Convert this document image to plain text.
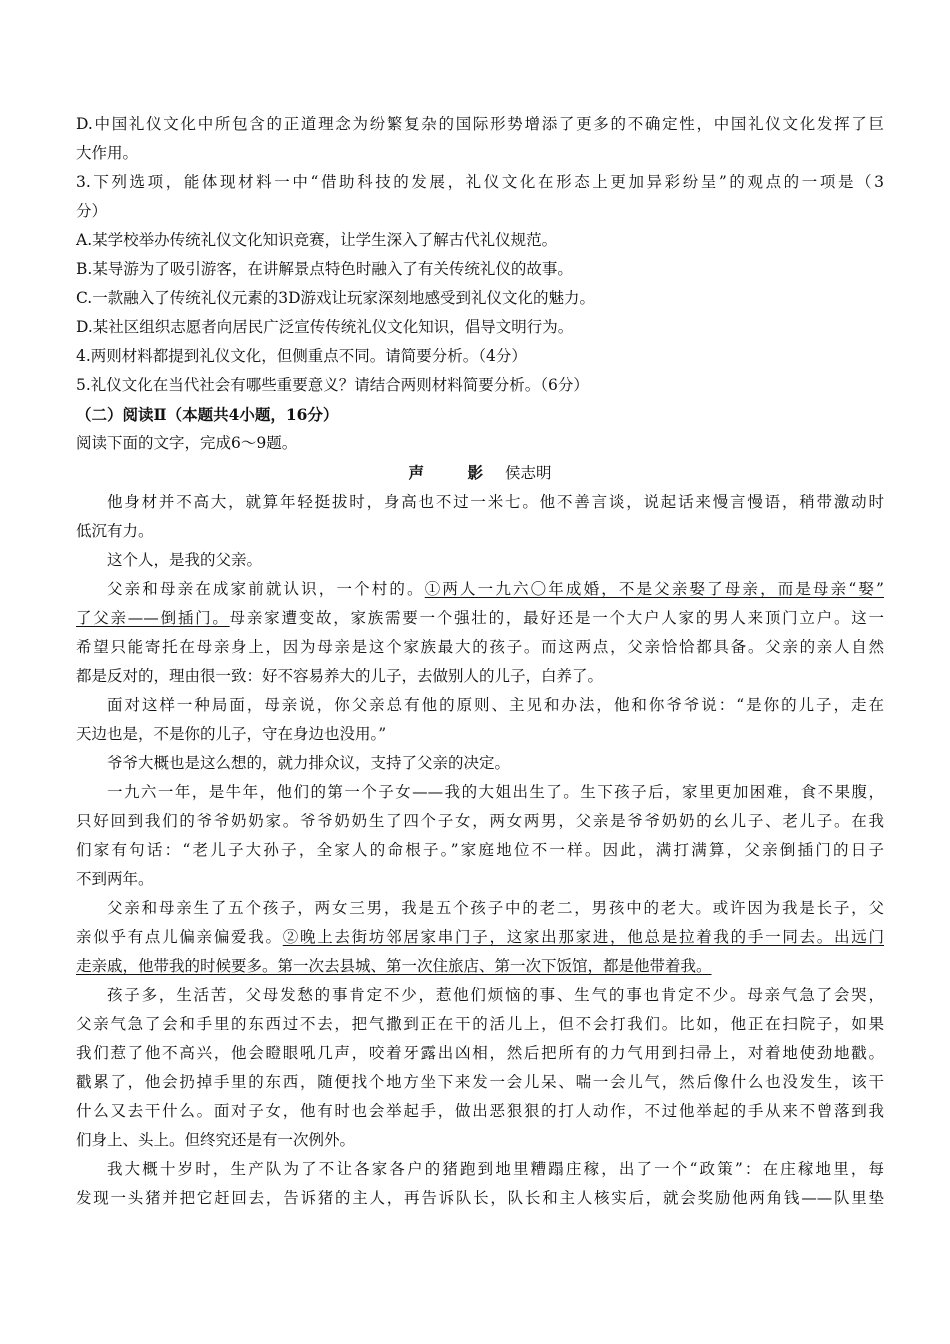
D.中国礼仪文化中所包含的正道理念为纷繁复杂的国际形势增添了更多的不确定性，中国礼仪文化发挥了巨
大作用。
3.下列选项，能体现材料一中“借助科技的发展，礼仪文化在形态上更加异彩纷呈”的观点的一项是（3
分）
A.某学校举办传统礼仪文化知识竞赛，让学生深入了解古代礼仪规范。
B.某导游为了吸引游客，在讲解景点特色时融入了有关传统礼仪的故事。
C.一款融入了传统礼仪元素的3D游戏让玩家深刻地感受到礼仪文化的魅力。
D.某社区组织志愿者向居民广泛宣传传统礼仪文化知识，倡导文明行为。
4.两则材料都提到礼仪文化，但侧重点不同。请简要分析。（4分）
5.礼仪文化在当代社会有哪些重要意义？请结合两则材料简要分析。（6分）
（二）阅读Ⅱ（本题共4小题，16分）
阅读下面的文字，完成6～9题。
声　影 侯志明
他身材并不高大，就算年轻挺拔时，身高也不过一米七。他不善言谈，说起话来慢言慢语，稍带激动时
低沉有力。
这个人，是我的父亲。
父亲和母亲在成家前就认识，一个村的。①两人一九六〇年成婚，不是父亲娶了母亲，而是母亲“娶”
了父亲——倒插门。母亲家遭变故，家族需要一个强壮的，最好还是一个大户人家的男人来顶门立户。这一
希望只能寄托在母亲身上，因为母亲是这个家族最大的孩子。而这两点，父亲恰恰都具备。父亲的亲人自然
都是反对的，理由很一致：好不容易养大的儿子，去做别人的儿子，白养了。
面对这样一种局面，母亲说，你父亲总有他的原则、主见和办法，他和你爷爷说：“是你的儿子，走在
天边也是，不是你的儿子，守在身边也没用。”
爷爷大概也是这么想的，就力排众议，支持了父亲的决定。
一九六一年，是牛年，他们的第一个子女——我的大姐出生了。生下孩子后，家里更加困难，食不果腹，
只好回到我们的爷爷奶奶家。爷爷奶奶生了四个子女，两女两男，父亲是爷爷奶奶的幺儿子、老儿子。在我
们家有句话：“老儿子大孙子，全家人的命根子。”家庭地位不一样。因此，满打满算，父亲倒插门的日子
不到两年。
父亲和母亲生了五个孩子，两女三男，我是五个孩子中的老二，男孩中的老大。或许因为我是长子，父
亲似乎有点儿偏亲偏爱我。②晚上去街坊邻居家串门子，这家出那家进，他总是拉着我的手一同去。出远门
走亲戚，他带我的时候要多。第一次去县城、第一次住旅店、第一次下饭馆，都是他带着我。
孩子多，生活苦，父母发愁的事肯定不少，惹他们烦恼的事、生气的事也肯定不少。母亲气急了会哭，
父亲气急了会和手里的东西过不去，把气撒到正在干的活儿上，但不会打我们。比如，他正在扫院子，如果
我们惹了他不高兴，他会瞪眼吼几声，咬着牙露出凶相，然后把所有的力气用到扫帚上，对着地使劲地戳。
戳累了，他会扔掉手里的东西，随便找个地方坐下来发一会儿呆、喘一会儿气，然后像什么也没发生，该干
什么又去干什么。面对子女，他有时也会举起手，做出恶狠狠的打人动作，不过他举起的手从来不曾落到我
们身上、头上。但终究还是有一次例外。
我大概十岁时，生产队为了不让各家各户的猪跑到地里糟蹋庄稼，出了一个“政策”：在庄稼地里，每
发现一头猪并把它赶回去，告诉猪的主人，再告诉队长，队长和主人核实后，就会奖励他两角钱——队里垫
